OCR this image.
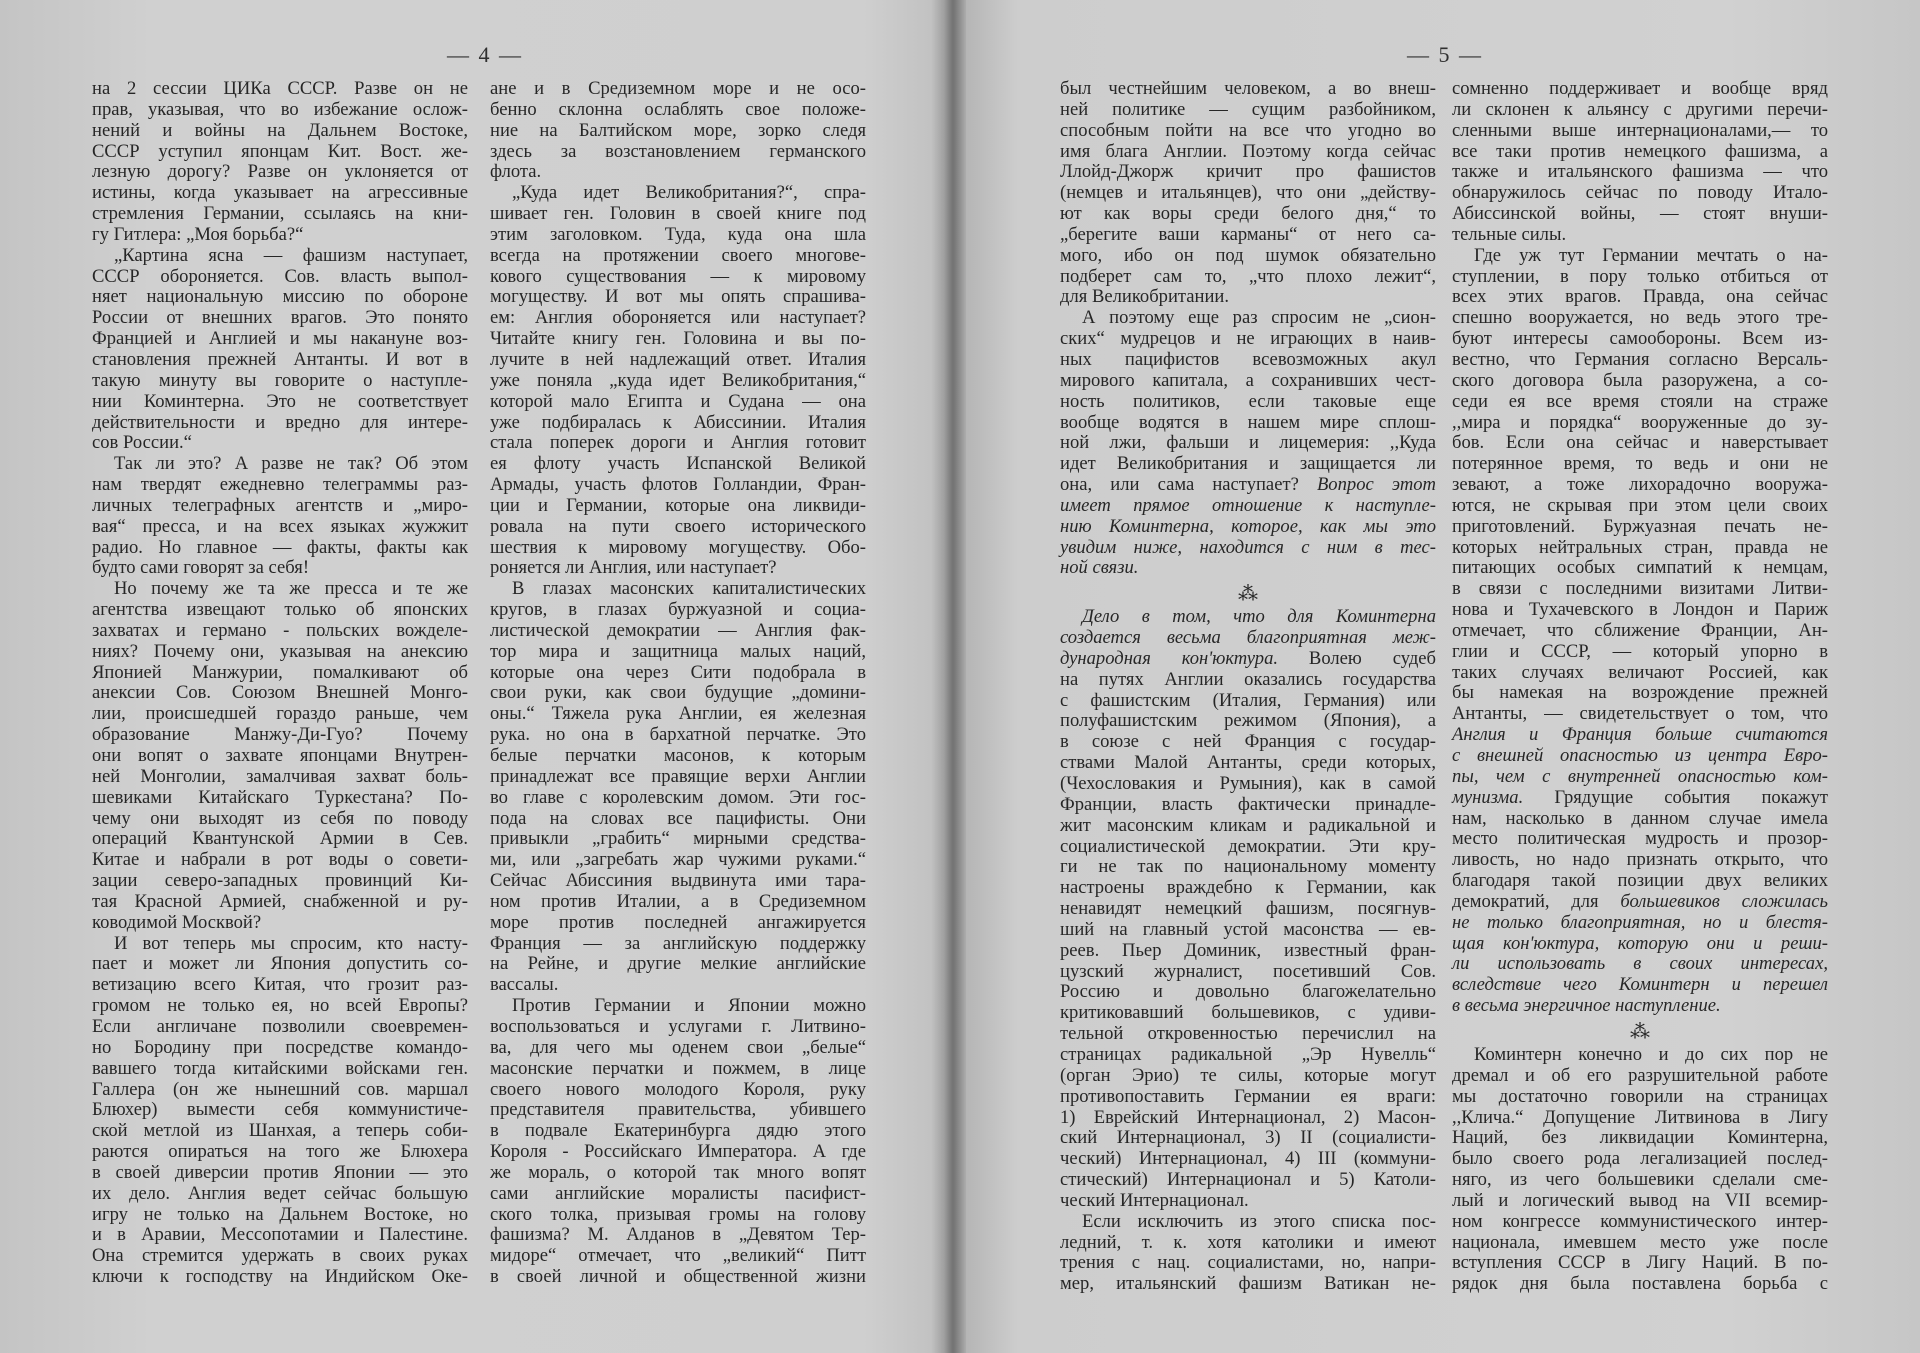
— 4 —
на 2 сессии ЦИКа СССР. Разве он не
прав, указывая, что во избежание ослож-
нений и войны на Дальнем Востоке,
СССР уступил японцам Кит. Вост. же-
лезную дорогу? Разве он уклоняется от
истины, когда указывает на агрессивные
стремления Германии, ссылаясь на кни-
гу Гитлера: „Моя борьба?“
„Картина ясна — фашизм наступает,
СССР обороняется. Сов. власть выпол-
няет национальную миссию по обороне
России от внешних врагов. Это понято
Францией и Англией и мы накануне воз-
становления прежней Антанты. И вот в
такую минуту вы говорите о наступле-
нии Коминтерна. Это не соответствует
действительности и вредно для интере-
сов России.“
Так ли это? А разве не так? Об этом
нам твердят ежедневно телеграммы раз-
личных телеграфных агентств и „миро-
вая“ пресса, и на всех языках жужжит
радио. Но главное — факты, факты как
будто сами говорят за себя!
Но почему же та же пресса и те же
агентства извещают только об японских
захватах и германо - польских вожделе-
ниях? Почему они, указывая на анексию
Японией Манжурии, помалкивают об
анексии Сов. Союзом Внешней Монго-
лии, происшедшей гораздо раньше, чем
образование Манжу-Ди-Гуо? Почему
они вопят о захвате японцами Внутрен-
ней Монголии, замалчивая захват боль-
шевиками Китайскаго Туркестана? По-
чему они выходят из себя по поводу
операций Квантунской Армии в Сев.
Китае и набрали в рот воды о совети-
зации северо-западных провинций Ки-
тая Красной Армией, снабженной и ру-
ководимой Москвой?
И вот теперь мы спросим, кто насту-
пает и может ли Япония допустить со-
ветизацию всего Китая, что грозит раз-
громом не только ея, но всей Европы?
Если англичане позволили своевремен-
но Бородину при посредстве командо-
вавшего тогда китайскими войсками ген.
Галлера (он же нынешний сов. маршал
Блюхер) вымести себя коммунистиче-
ской метлой из Шанхая, а теперь соби-
раются опираться на того же Блюхера
в своей диверсии против Японии — это
их дело. Англия ведет сейчас большую
игру не только на Дальнем Востоке, но
и в Аравии, Мессопотамии и Палестине.
Она стремится удержать в своих руках
ключи к господству на Индийском Оке-
ане и в Средиземном море и не осо-
бенно склонна ослаблять свое положе-
ние на Балтийском море, зорко следя
здесь за возстановлением германского
флота.
„Куда идет Великобритания?“, спра-
шивает ген. Головин в своей книге под
этим заголовком. Туда, куда она шла
всегда на протяжении своего многове-
кового существования — к мировому
могуществу. И вот мы опять спрашива-
ем: Англия обороняется или наступает?
Читайте книгу ген. Головина и вы по-
лучите в ней надлежащий ответ. Италия
уже поняла „куда идет Великобритания,“
которой мало Египта и Судана — она
уже подбиралась к Абиссинии. Италия
стала поперек дороги и Англия готовит
ея флоту участь Испанской Великой
Армады, участь флотов Голландии, Фран-
ции и Германии, которые она ликвиди-
ровала на пути своего исторического
шествия к мировому могуществу. Обо-
роняется ли Англия, или наступает?
В глазах масонских капиталистических
кругов, в глазах буржуазной и социа-
листической демократии — Англия фак-
тор мира и защитница малых наций,
которые она через Сити подобрала в
свои руки, как свои будущие „домини-
оны.“ Тяжела рука Англии, ея железная
рука. но она в бархатной перчатке. Это
белые перчатки масонов, к которым
принадлежат все правящие верхи Англии
во главе с королевским домом. Эти гос-
пода на словах все пацифисты. Они
привыкли „грабить“ мирными средства-
ми, или „загребать жар чужими руками.“
Сейчас Абиссиния выдвинута ими тара-
ном против Италии, а в Средиземном
море против последней ангажируется
Франция — за английскую поддержку
на Рейне, и другие мелкие английские
вассалы.
Против Германии и Японии можно
воспользоваться и услугами г. Литвино-
ва, для чего мы оденем свои „белые“
масонские перчатки и пожмем, в лице
своего нового молодого Короля, руку
представителя правительства, убившего
в подвале Екатеринбурга дядю этого
Короля - Российскаго Императора. А где
же мораль, о которой так много вопят
сами английские моралисты пасифист-
ского толка, призывая громы на голову
фашизма? М. Алданов в „Девятом Тер-
мидоре“ отмечает, что „великий“ Питт
в своей личной и общественной жизни
— 5 —
был честнейшим человеком, а во внеш-
ней политике — сущим разбойником,
способным пойти на все что угодно во
имя блага Англии. Поэтому когда сейчас
Ллойд-Джорж кричит про фашистов
(немцев и итальянцев), что они „действу-
ют как воры среди белого дня,“ то
„берегите ваши карманы“ от него са-
мого, ибо он под шумок обязательно
подберет сам то, „что плохо лежит“,
для Великобритании.
А поэтому еще раз спросим не „сион-
ских“ мудрецов и не играющих в наив-
ных пацифистов всевозможных акул
мирового капитала, а сохранивших чест-
ность политиков, если таковые еще
вообще водятся в нашем мире сплош-
ной лжи, фальши и лицемерия: ,,Куда
идет Великобритания и защищается ли
она, или сама наступает? Вопрос этот
имеет прямое отношение к наступле-
нию Коминтерна, которое, как мы это
увидим ниже, находится с ним в тес-
ной связи.
⁂
Дело в том, что для Коминтерна
создается весьма благоприятная меж-
дународная кон'юктура. Волею судеб
на путях Англии оказались государства
с фашистским (Италия, Германия) или
полуфашистским режимом (Япония), а
в союзе с ней Франция с государ-
ствами Малой Антанты, среди которых,
(Чехословакия и Румыния), как в самой
Франции, власть фактически принадле-
жит масонским кликам и радикальной и
социалистической демократии. Эти кру-
ги не так по национальному моменту
настроены враждебно к Германии, как
ненавидят немецкий фашизм, посягнув-
ший на главный устой масонства — ев-
реев. Пьер Доминик, известный фран-
цузский журналист, посетивший Сов.
Россию и довольно благожелательно
критиковавший большевиков, с удиви-
тельной откровенностью перечислил на
страницах радикальной „Эр Нувелль“
(орган Эрио) те силы, которые могут
противопоставить Германии ея враги:
1) Еврейский Интернационал, 2) Масон-
ский Интернационал, 3) II (социалисти-
ческий) Интернационал, 4) III (коммуни-
стический) Интернационал и 5) Католи-
ческий Интернационал.
Если исключить из этого списка пос-
ледний, т. к. хотя католики и имеют
трения с нац. социалистами, но, напри-
мер, итальянский фашизм Ватикан не-
сомненно поддерживает и вообще вряд
ли склонен к альянсу с другими перечи-
сленными выше интернационалами,— то
все таки против немецкого фашизма, а
также и итальянского фашизма — что
обнаружилось сейчас по поводу Итало-
Абиссинской войны, — стоят внуши-
тельные силы.
Где уж тут Германии мечтать о на-
ступлении, в пору только отбиться от
всех этих врагов. Правда, она сейчас
спешно вооружается, но ведь этого тре-
буют интересы самообороны. Всем из-
вестно, что Германия согласно Версаль-
ского договора была разоружена, а со-
седи ея все время стояли на страже
,,мира и порядка“ вооруженные до зу-
бов. Если она сейчас и наверстывает
потерянное время, то ведь и они не
зевают, а тоже лихорадочно вооружа-
ются, не скрывая при этом цели своих
приготовлений. Буржуазная печать не-
которых нейтральных стран, правда не
питающих особых симпатий к немцам,
в связи с последними визитами Литви-
нова и Тухачевского в Лондон и Париж
отмечает, что сближение Франции, Ан-
глии и СССР, — который упорно в
таких случаях величают Россией, как
бы намекая на возрождение прежней
Антанты, — свидетельствует о том, что
Англия и Франция больше считаются
с внешней опасностью из центра Евро-
пы, чем с внутренней опасностью ком-
мунизма. Грядущие события покажут
нам, насколько в данном случае имела
место политическая мудрость и прозор-
ливость, но надо признать открыто, что
благодаря такой позиции двух великих
демократий, для большевиков сложилась
не только благоприятная, но и блестя-
щая кон'юктура, которую они и реши-
ли использовать в своих интересах,
вследствие чего Коминтерн и перешел
в весьма энергичное наступление.
⁂
Коминтерн конечно и до сих пор не
дремал и об его разрушительной работе
мы достаточно говорили на страницах
,,Клича.“ Допущение Литвинова в Лигу
Наций, без ликвидации Коминтерна,
было своего рода легализацией послед-
няго, из чего большевики сделали сме-
лый и логический вывод на VII всемир-
ном конгрессе коммунистического интер-
национала, имевшем место уже после
вступления СССР в Лигу Наций. В по-
рядок дня была поставлена борьба с
